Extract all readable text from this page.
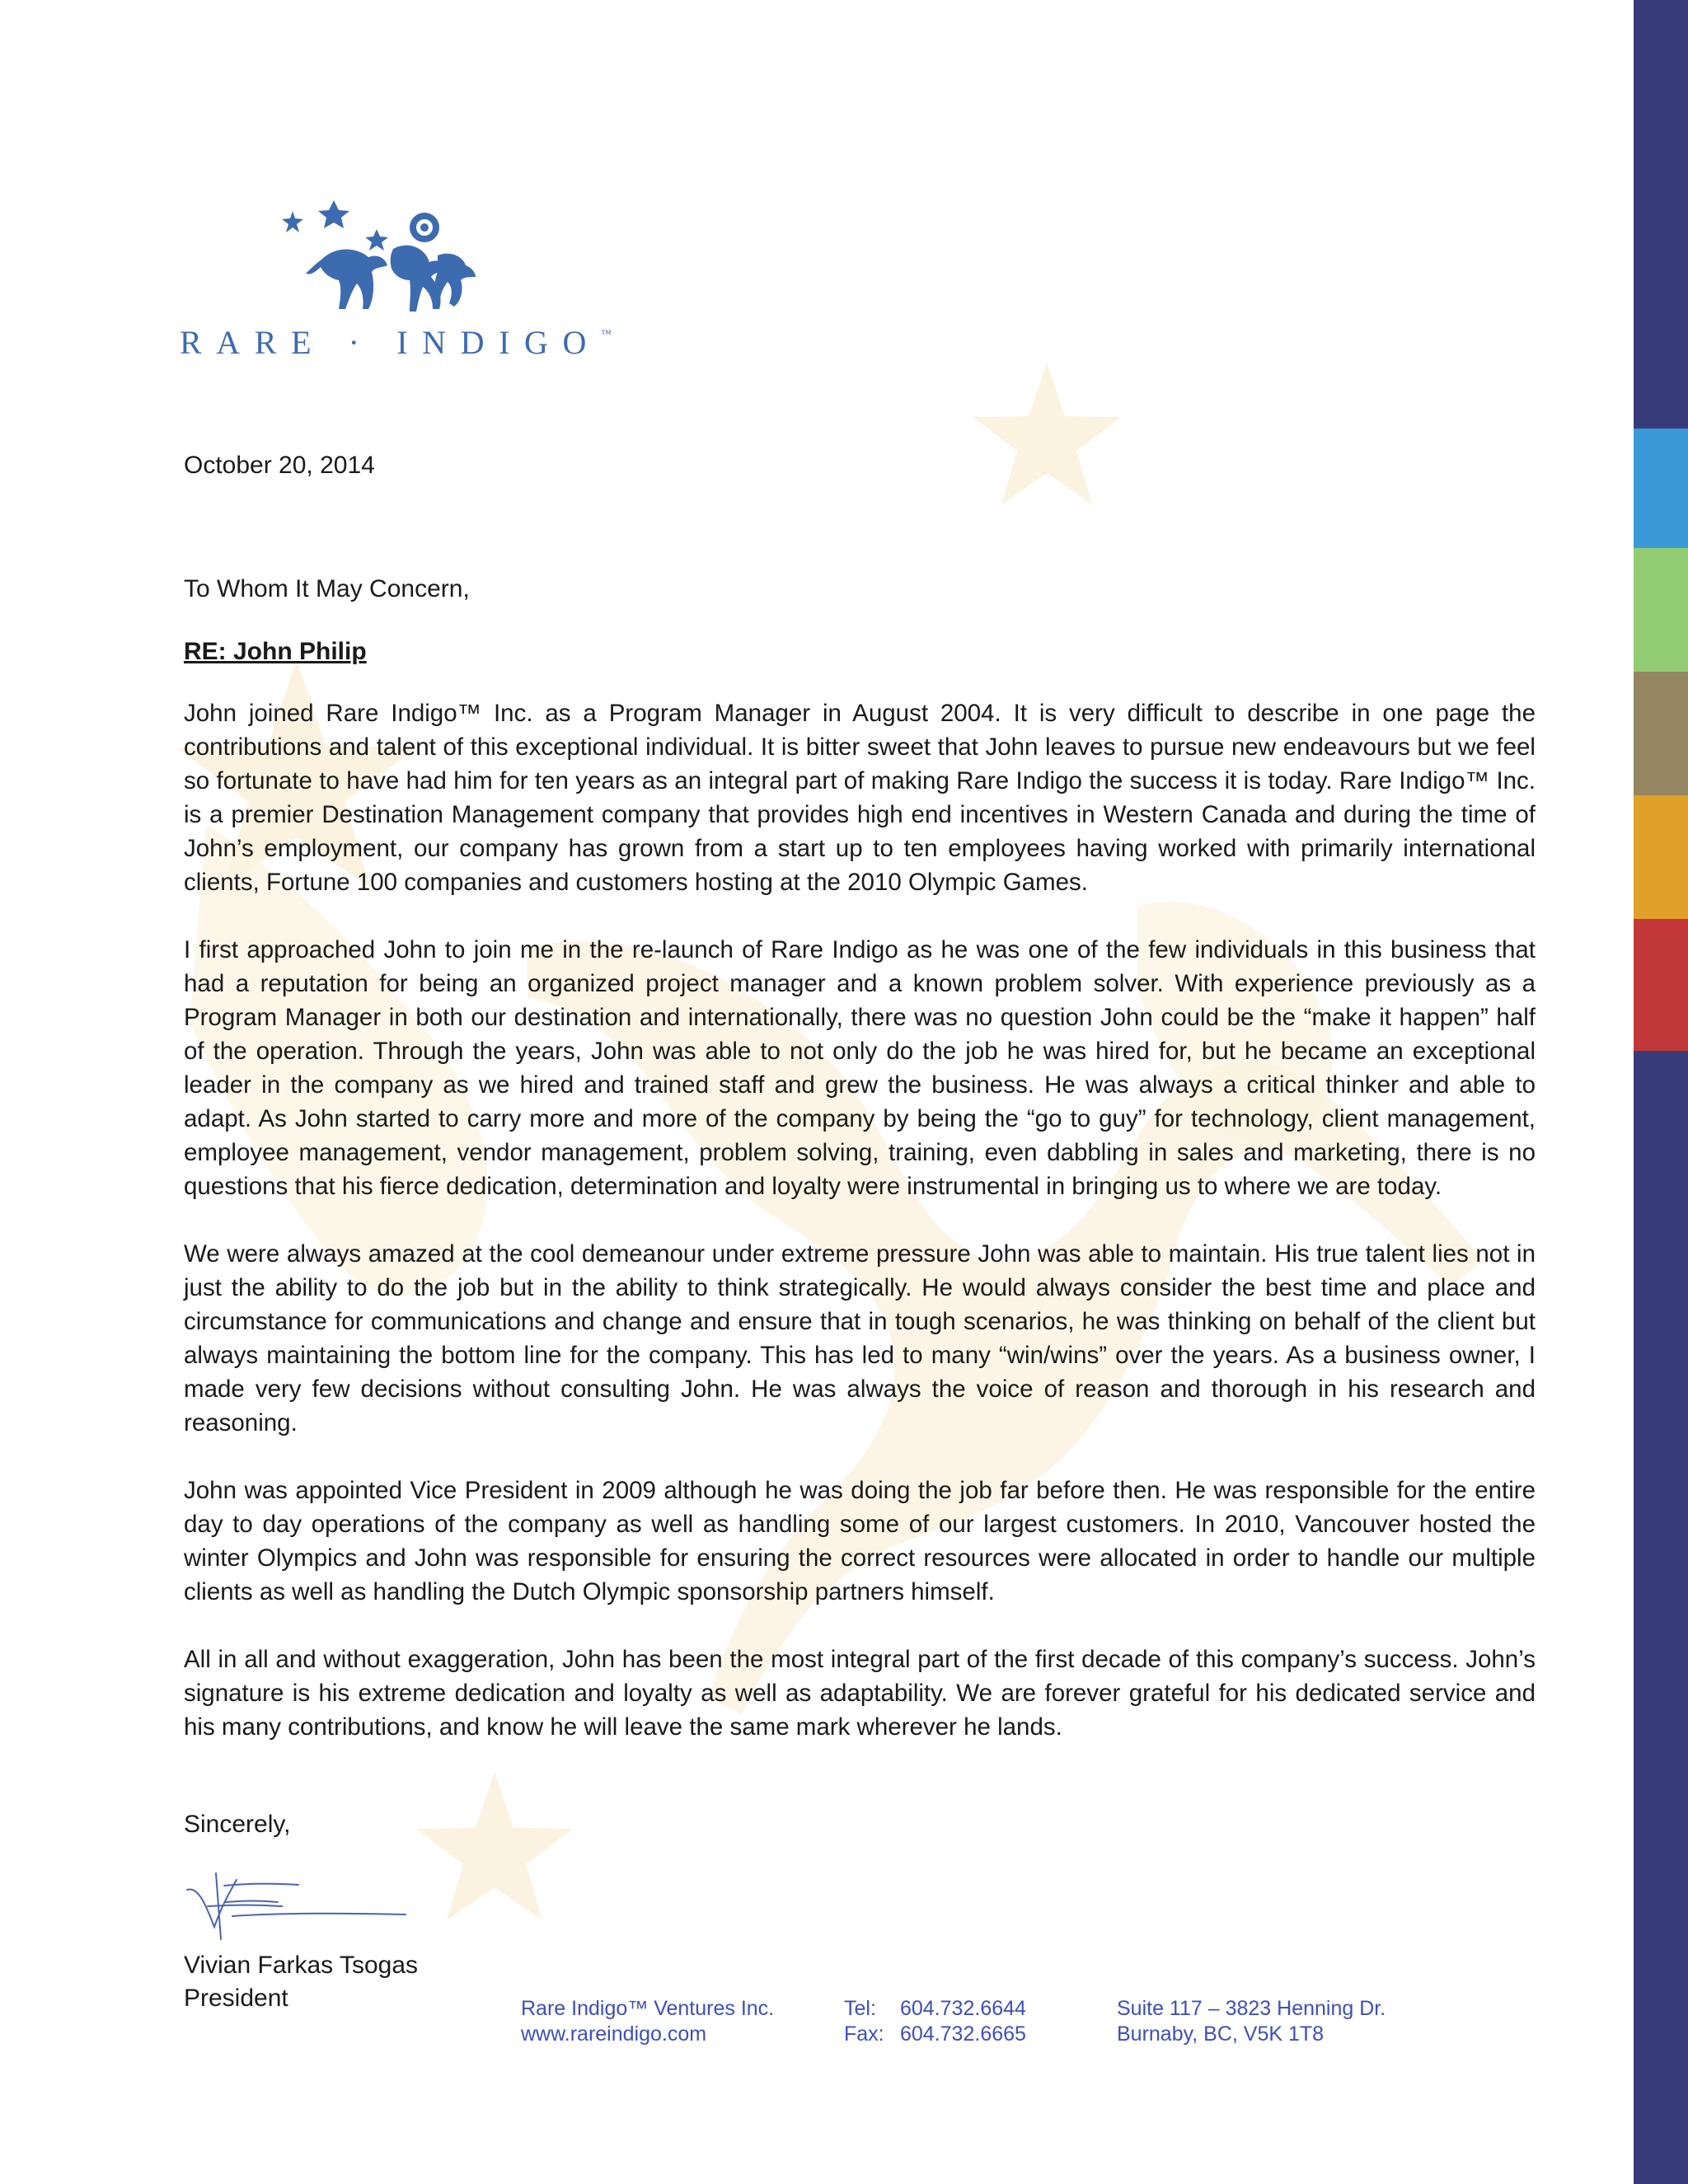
RARE · INDIGO™
October 20, 2014
To Whom It May Concern,
RE: John Philip

John joined Rare Indigo™ Inc. as a Program Manager in August 2004. It is very difficult to describe in one page the contributions and talent of this exceptional individual. It is bitter sweet that John leaves to pursue new endeavours but we feel so fortunate to have had him for ten years as an integral part of making Rare Indigo the success it is today. Rare Indigo™ Inc. is a premier Destination Management company that provides high end incentives in Western Canada and during the time of John’s employment, our company has grown from a start up to ten employees having worked with primarily international clients, Fortune 100 companies and customers hosting at the 2010 Olympic Games.

I first approached John to join me in the re-launch of Rare Indigo as he was one of the few individuals in this business that had a reputation for being an organized project manager and a known problem solver. With experience previously as a Program Manager in both our destination and internationally, there was no question John could be the “make it happen” half of the operation. Through the years, John was able to not only do the job he was hired for, but he became an exceptional leader in the company as we hired and trained staff and grew the business. He was always a critical thinker and able to adapt. As John started to carry more and more of the company by being the “go to guy” for technology, client management, employee management, vendor management, problem solving, training, even dabbling in sales and marketing, there is no questions that his fierce dedication, determination and loyalty were instrumental in bringing us to where we are today.

We were always amazed at the cool demeanour under extreme pressure John was able to maintain. His true talent lies not in just the ability to do the job but in the ability to think strategically. He would always consider the best time and place and circumstance for communications and change and ensure that in tough scenarios, he was thinking on behalf of the client but always maintaining the bottom line for the company. This has led to many “win/wins” over the years. As a business owner, I made very few decisions without consulting John. He was always the voice of reason and thorough in his research and reasoning.

John was appointed Vice President in 2009 although he was doing the job far before then. He was responsible for the entire day to day operations of the company as well as handling some of our largest customers. In 2010, Vancouver hosted the winter Olympics and John was responsible for ensuring the correct resources were allocated in order to handle our multiple clients as well as handling the Dutch Olympic sponsorship partners himself.

All in all and without exaggeration, John has been the most integral part of the first decade of this company’s success. John’s signature is his extreme dedication and loyalty as well as adaptability. We are forever grateful for his dedicated service and his many contributions, and know he will leave the same mark wherever he lands.

Sincerely,
Vivian Farkas Tsogas
President	Rare Indigo™ Ventures Inc.
www.rareindigo.com
Tel: 604.732.6644
Fax: 604.732.6665
Suite 117 – 3823 Henning Dr.
Burnaby, BC, V5K 1T8
